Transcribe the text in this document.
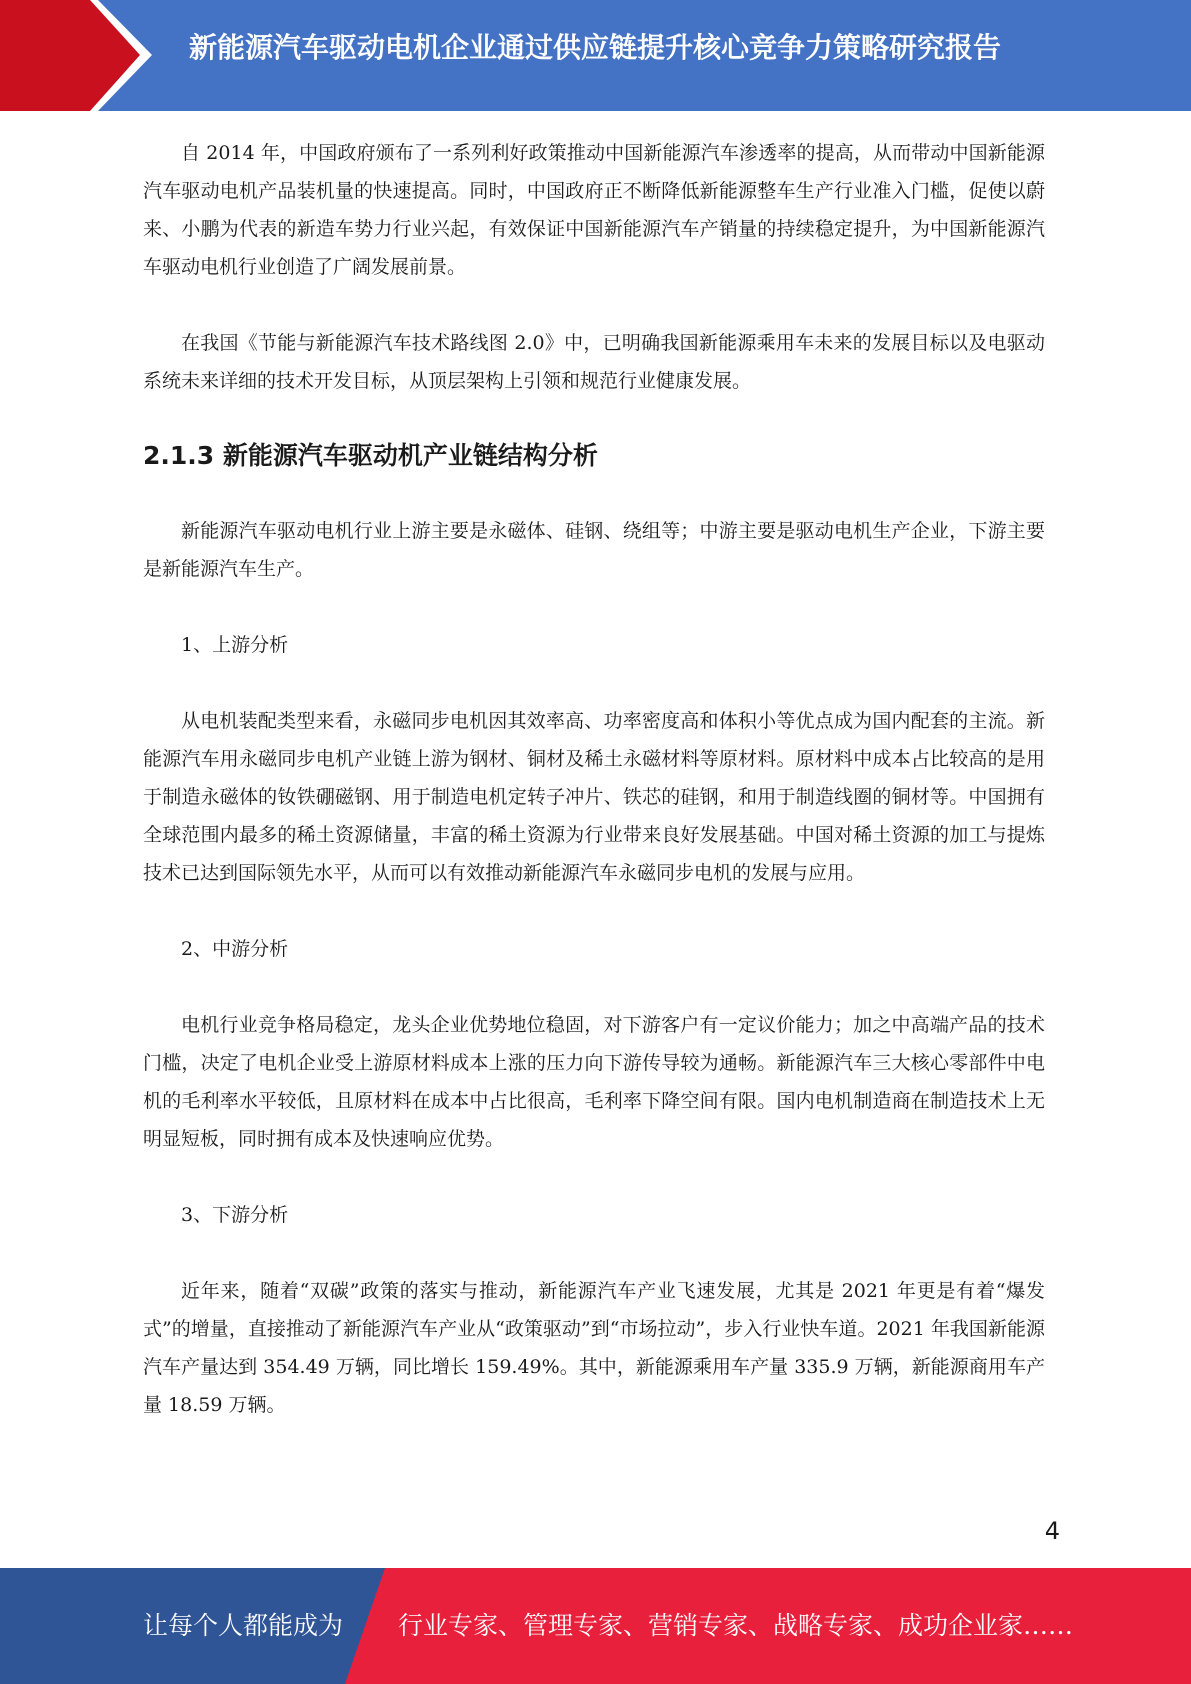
新能源汽车驱动电机企业通过供应链提升核心竞争力策略研究报告

自 2014 年，中国政府颁布了一系列利好政策推动中国新能源汽车渗透率的提高，从而带动中国新能源汽车驱动电机产品装机量的快速提高。同时，中国政府正不断降低新能源整车生产行业准入门槛，促使以蔚来、小鹏为代表的新造车势力行业兴起，有效保证中国新能源汽车产销量的持续稳定提升，为中国新能源汽车驱动电机行业创造了广阔发展前景。

在我国《节能与新能源汽车技术路线图 2.0》中，已明确我国新能源乘用车未来的发展目标以及电驱动系统未来详细的技术开发目标，从顶层架构上引领和规范行业健康发展。

2.1.3 新能源汽车驱动机产业链结构分析

新能源汽车驱动电机行业上游主要是永磁体、硅钢、绕组等；中游主要是驱动电机生产企业，下游主要是新能源汽车生产。

1、上游分析

从电机装配类型来看，永磁同步电机因其效率高、功率密度高和体积小等优点成为国内配套的主流。新能源汽车用永磁同步电机产业链上游为钢材、铜材及稀土永磁材料等原材料。原材料中成本占比较高的是用于制造永磁体的钕铁硼磁钢、用于制造电机定转子冲片、铁芯的硅钢，和用于制造线圈的铜材等。中国拥有全球范围内最多的稀土资源储量，丰富的稀土资源为行业带来良好发展基础。中国对稀土资源的加工与提炼技术已达到国际领先水平，从而可以有效推动新能源汽车永磁同步电机的发展与应用。

2、中游分析

电机行业竞争格局稳定，龙头企业优势地位稳固，对下游客户有一定议价能力；加之中高端产品的技术门槛，决定了电机企业受上游原材料成本上涨的压力向下游传导较为通畅。新能源汽车三大核心零部件中电机的毛利率水平较低，且原材料在成本中占比很高，毛利率下降空间有限。国内电机制造商在制造技术上无明显短板，同时拥有成本及快速响应优势。

3、下游分析

近年来，随着“双碳”政策的落实与推动，新能源汽车产业飞速发展，尤其是 2021 年更是有着“爆发式”的增量，直接推动了新能源汽车产业从“政策驱动”到“市场拉动”，步入行业快车道。2021 年我国新能源汽车产量达到 354.49 万辆，同比增长 159.49%。其中，新能源乘用车产量 335.9 万辆，新能源商用车产量 18.59 万辆。

4
让每个人都能成为 行业专家、管理专家、营销专家、战略专家、成功企业家……
